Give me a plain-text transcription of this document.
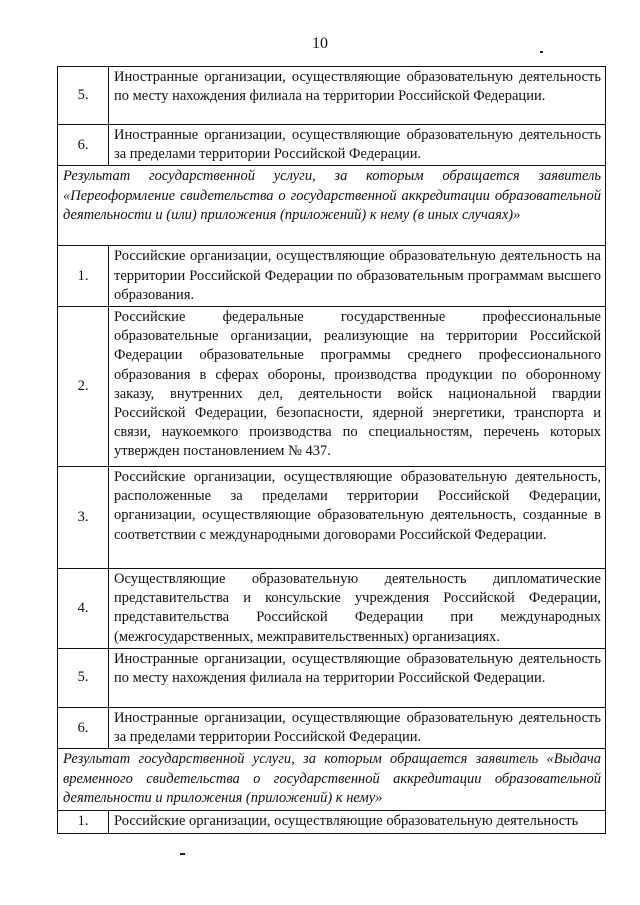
10
5.	Иностранные организации, осуществляющие образовательную деятельность по месту нахождения филиала на территории Российской Федерации.
6.	Иностранные организации, осуществляющие образовательную деятельность за пределами территории Российской Федерации.
Результат государственной услуги, за которым обращается заявитель «Переоформление свидетельства о государственной аккредитации образовательной деятельности и (или) приложения (приложений) к нему (в иных случаях)»	
1.	Российские организации, осуществляющие образовательную деятельность на территории Российской Федерации по образовательным программам высшего образования.
2.	Российские федеральные государственные профессиональные образовательные организации, реализующие на территории Российской Федерации образовательные программы среднего профессионального образования в сферах обороны, производства продукции по оборонному заказу, внутренних дел, деятельности войск национальной гвардии Российской Федерации, безопасности, ядерной энергетики, транспорта и связи, наукоемкого производства по специальностям, перечень которых утвержден постановлением № 437.
3.	Российские организации, осуществляющие образовательную деятельность, расположенные за пределами территории Российской Федерации, организации, осуществляющие образовательную деятельность, созданные в соответствии с международными договорами Российской Федерации.
4.	Осуществляющие образовательную деятельность дипломатические представительства и консульские учреждения Российской Федерации, представительства Российской Федерации при международных (межгосударственных, межправительственных) организациях.
5.	Иностранные организации, осуществляющие образовательную деятельность по месту нахождения филиала на территории Российской Федерации.
6.	Иностранные организации, осуществляющие образовательную деятельность за пределами территории Российской Федерации.
Результат государственной услуги, за которым обращается заявитель «Выдача временного свидетельства о государственной аккредитации образовательной деятельности и приложения (приложений) к нему»	
1.	Российские организации, осуществляющие образовательную деятельность
